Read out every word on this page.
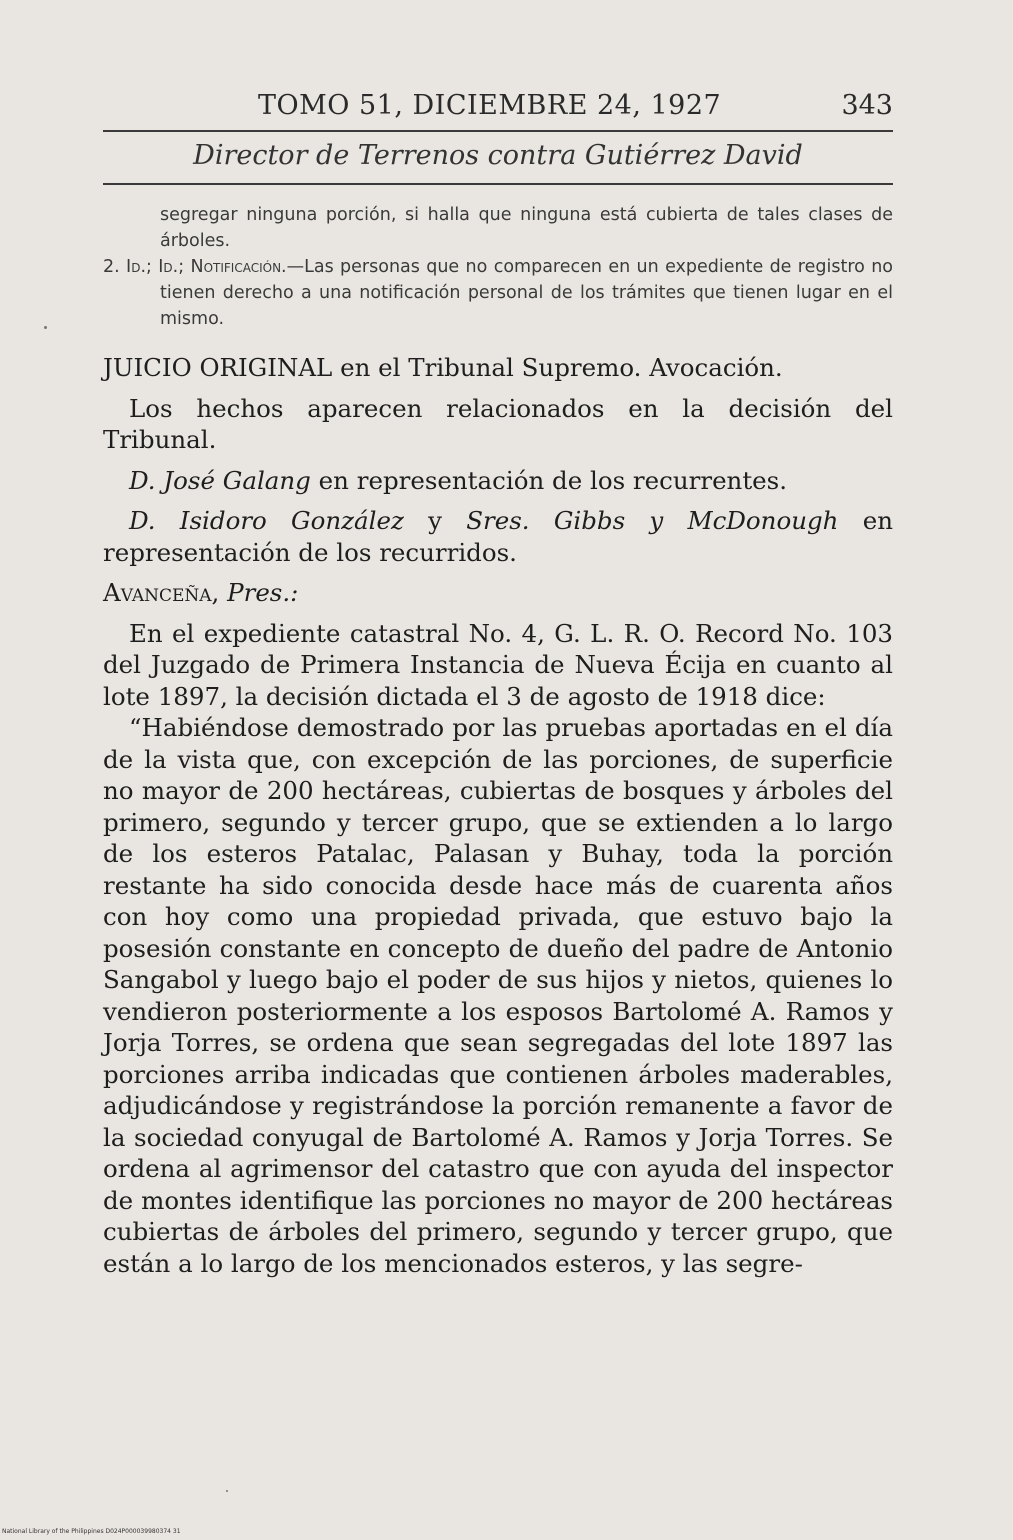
TOMO 51, DICIEMBRE 24, 1927	343
Director de Terrenos contra Gutiérrez David

segregar ninguna porción, si halla que ninguna está cubierta de tales clases de árboles.

2. Id.; Id.; Notificación.—Las personas que no comparecen en un expediente de registro no tienen derecho a una notificación personal de los trámites que tienen lugar en el mismo.

JUICIO ORIGINAL en el Tribunal Supremo. Avocación.

Los hechos aparecen relacionados en la decisión del Tribunal.

D. José Galang en representación de los recurrentes.

D. Isidoro González y Sres. Gibbs y McDonough en representación de los recurridos.

Avanceña, Pres.:

En el expediente catastral No. 4, G. L. R. O. Record No. 103 del Juzgado de Primera Instancia de Nueva Écija en cuanto al lote 1897, la decisión dictada el 3 de agosto de 1918 dice:

“Habiéndose demostrado por las pruebas aportadas en el día de la vista que, con excepción de las porciones, de superficie no mayor de 200 hectáreas, cubiertas de bosques y árboles del primero, segundo y tercer grupo, que se extienden a lo largo de los esteros Patalac, Palasan y Buhay, toda la porción restante ha sido conocida desde hace más de cuarenta años con hoy como una propiedad privada, que estuvo bajo la posesión constante en concepto de dueño del padre de Antonio Sangabol y luego bajo el poder de sus hijos y nietos, quienes lo vendieron posteriormente a los esposos Bartolomé A. Ramos y Jorja Torres, se ordena que sean segregadas del lote 1897 las porciones arriba indicadas que contienen árboles maderables, adjudicándose y registrándose la porción remanente a favor de la sociedad conyugal de Bartolomé A. Ramos y Jorja Torres. Se ordena al agrimensor del catastro que con ayuda del inspector de montes identifique las porciones no mayor de 200 hectáreas cubiertas de árboles del primero, segundo y tercer grupo, que están a lo largo de los mencionados esteros, y las segre-

National Library of the Philippines D024P000039980374 31
